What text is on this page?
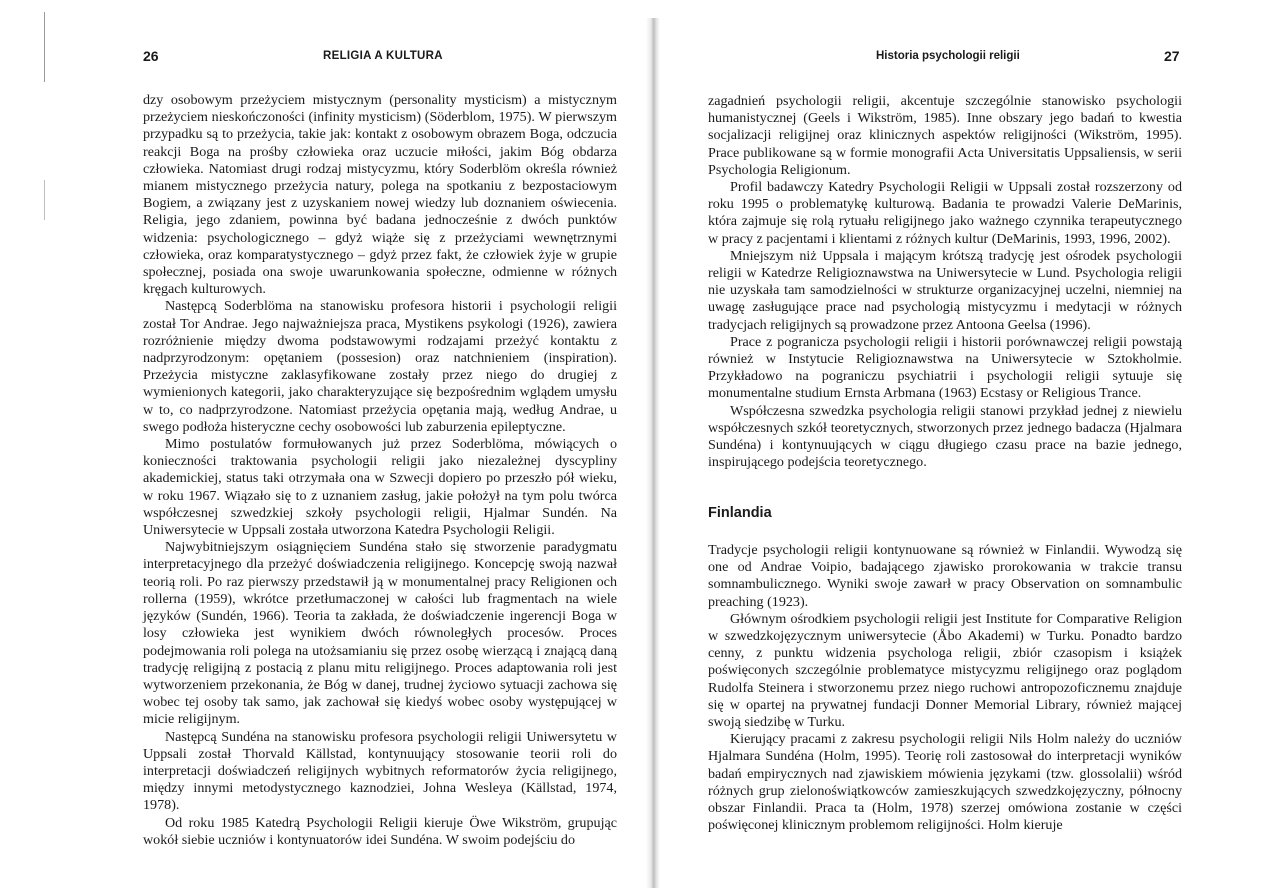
26	RELIGIA A KULTURA

dzy osobowym przeżyciem mistycznym (personality mysticism) a mistycznym przeżyciem nieskończoności (infinity mysticism) (Söderblom, 1975). W pierwszym przypadku są to przeżycia, takie jak: kontakt z osobowym obrazem Boga, odczucia reakcji Boga na prośby człowieka oraz uczucie miłości, jakim Bóg obdarza człowieka. Natomiast drugi rodzaj mistycyzmu, który Soderblöm określa również mianem mistycznego przeżycia natury, polega na spotkaniu z bezpostaciowym Bogiem, a związany jest z uzyskaniem nowej wiedzy lub doznaniem oświecenia. Religia, jego zdaniem, powinna być badana jednocześnie z dwóch punktów widzenia: psychologicznego – gdyż wiąże się z przeżyciami wewnętrznymi człowieka, oraz komparatystycznego – gdyż przez fakt, że człowiek żyje w grupie społecznej, posiada ona swoje uwarunkowania społeczne, odmienne w różnych kręgach kulturowych.

Następcą Soderblöma na stanowisku profesora historii i psychologii religii został Tor Andrae. Jego najważniejsza praca, Mystikens psykologi (1926), zawiera rozróżnienie między dwoma podstawowymi rodzajami przeżyć kontaktu z nadprzyrodzonym: opętaniem (possesion) oraz natchnieniem (inspiration). Przeżycia mistyczne zaklasyfikowane zostały przez niego do drugiej z wymienionych kategorii, jako charakteryzujące się bezpośrednim wglądem umysłu w to, co nadprzyrodzone. Natomiast przeżycia opętania mają, według Andrae, u swego podłoża histeryczne cechy osobowości lub zaburzenia epileptyczne.

Mimo postulatów formułowanych już przez Soderblöma, mówiących o konieczności traktowania psychologii religii jako niezależnej dyscypliny akademickiej, status taki otrzymała ona w Szwecji dopiero po przeszło pół wieku, w roku 1967. Wiązało się to z uznaniem zasług, jakie położył na tym polu twórca współczesnej szwedzkiej szkoły psychologii religii, Hjalmar Sundén. Na Uniwersytecie w Uppsali została utworzona Katedra Psychologii Religii.

Najwybitniejszym osiągnięciem Sundéna stało się stworzenie paradygmatu interpretacyjnego dla przeżyć doświadczenia religijnego. Koncepcję swoją nazwał teorią roli. Po raz pierwszy przedstawił ją w monumentalnej pracy Religionen och rollerna (1959), wkrótce przetłumaczonej w całości lub fragmentach na wiele języków (Sundén, 1966). Teoria ta zakłada, że doświadczenie ingerencji Boga w losy człowieka jest wynikiem dwóch równoległych procesów. Proces podejmowania roli polega na utożsamianiu się przez osobę wierzącą i znającą daną tradycję religijną z postacią z planu mitu religijnego. Proces adaptowania roli jest wytworzeniem przekonania, że Bóg w danej, trudnej życiowo sytuacji zachowa się wobec tej osoby tak samo, jak zachował się kiedyś wobec osoby występującej w micie religijnym.

Następcą Sundéna na stanowisku profesora psychologii religii Uniwersytetu w Uppsali został Thorvald Källstad, kontynuujący stosowanie teorii roli do interpretacji doświadczeń religijnych wybitnych reformatorów życia religijnego, między innymi metodystycznego kaznodziei, Johna Wesleya (Källstad, 1974, 1978).

Od roku 1985 Katedrą Psychologii Religii kieruje Öwe Wikström, grupując wokół siebie uczniów i kontynuatorów idei Sundéna. W swoim podejściu do

Historia psychologii religii	27

zagadnień psychologii religii, akcentuje szczególnie stanowisko psychologii humanistycznej (Geels i Wikström, 1985). Inne obszary jego badań to kwestia socjalizacji religijnej oraz klinicznych aspektów religijności (Wikström, 1995). Prace publikowane są w formie monografii Acta Universitatis Uppsaliensis, w serii Psychologia Religionum.

Profil badawczy Katedry Psychologii Religii w Uppsali został rozszerzony od roku 1995 o problematykę kulturową. Badania te prowadzi Valerie DeMarinis, która zajmuje się rolą rytuału religijnego jako ważnego czynnika terapeutycznego w pracy z pacjentami i klientami z różnych kultur (DeMarinis, 1993, 1996, 2002).

Mniejszym niż Uppsala i mającym krótszą tradycję jest ośrodek psychologii religii w Katedrze Religioznawstwa na Uniwersytecie w Lund. Psychologia religii nie uzyskała tam samodzielności w strukturze organizacyjnej uczelni, niemniej na uwagę zasługujące prace nad psychologią mistycyzmu i medytacji w różnych tradycjach religijnych są prowadzone przez Antoona Geelsa (1996).

Prace z pogranicza psychologii religii i historii porównawczej religii powstają również w Instytucie Religioznawstwa na Uniwersytecie w Sztokholmie. Przykładowo na pograniczu psychiatrii i psychologii religii sytuuje się monumentalne studium Ernsta Arbmana (1963) Ecstasy or Religious Trance.

Współczesna szwedzka psychologia religii stanowi przykład jednej z niewielu współczesnych szkół teoretycznych, stworzonych przez jednego badacza (Hjalmara Sundéna) i kontynuujących w ciągu długiego czasu prace na bazie jednego, inspirującego podejścia teoretycznego.

Finlandia

Tradycje psychologii religii kontynuowane są również w Finlandii. Wywodzą się one od Andrae Voipio, badającego zjawisko prorokowania w trakcie transu somnambulicznego. Wyniki swoje zawarł w pracy Observation on somnambulic preaching (1923).

Głównym ośrodkiem psychologii religii jest Institute for Comparative Religion w szwedzkojęzycznym uniwersytecie (Åbo Akademi) w Turku. Ponadto bardzo cenny, z punktu widzenia psychologa religii, zbiór czasopism i książek poświęconych szczególnie problematyce mistycyzmu religijnego oraz poglądom Rudolfa Steinera i stworzonemu przez niego ruchowi antropozoficznemu znajduje się w opartej na prywatnej fundacji Donner Memorial Library, również mającej swoją siedzibę w Turku.

Kierujący pracami z zakresu psychologii religii Nils Holm należy do uczniów Hjalmara Sundéna (Holm, 1995). Teorię roli zastosował do interpretacji wyników badań empirycznych nad zjawiskiem mówienia językami (tzw. glossolalii) wśród różnych grup zielonoświątkowców zamieszkujących szwedzkojęzyczny, północny obszar Finlandii. Praca ta (Holm, 1978) szerzej omówiona zostanie w części poświęconej klinicznym problemom religijności. Holm kieruje
